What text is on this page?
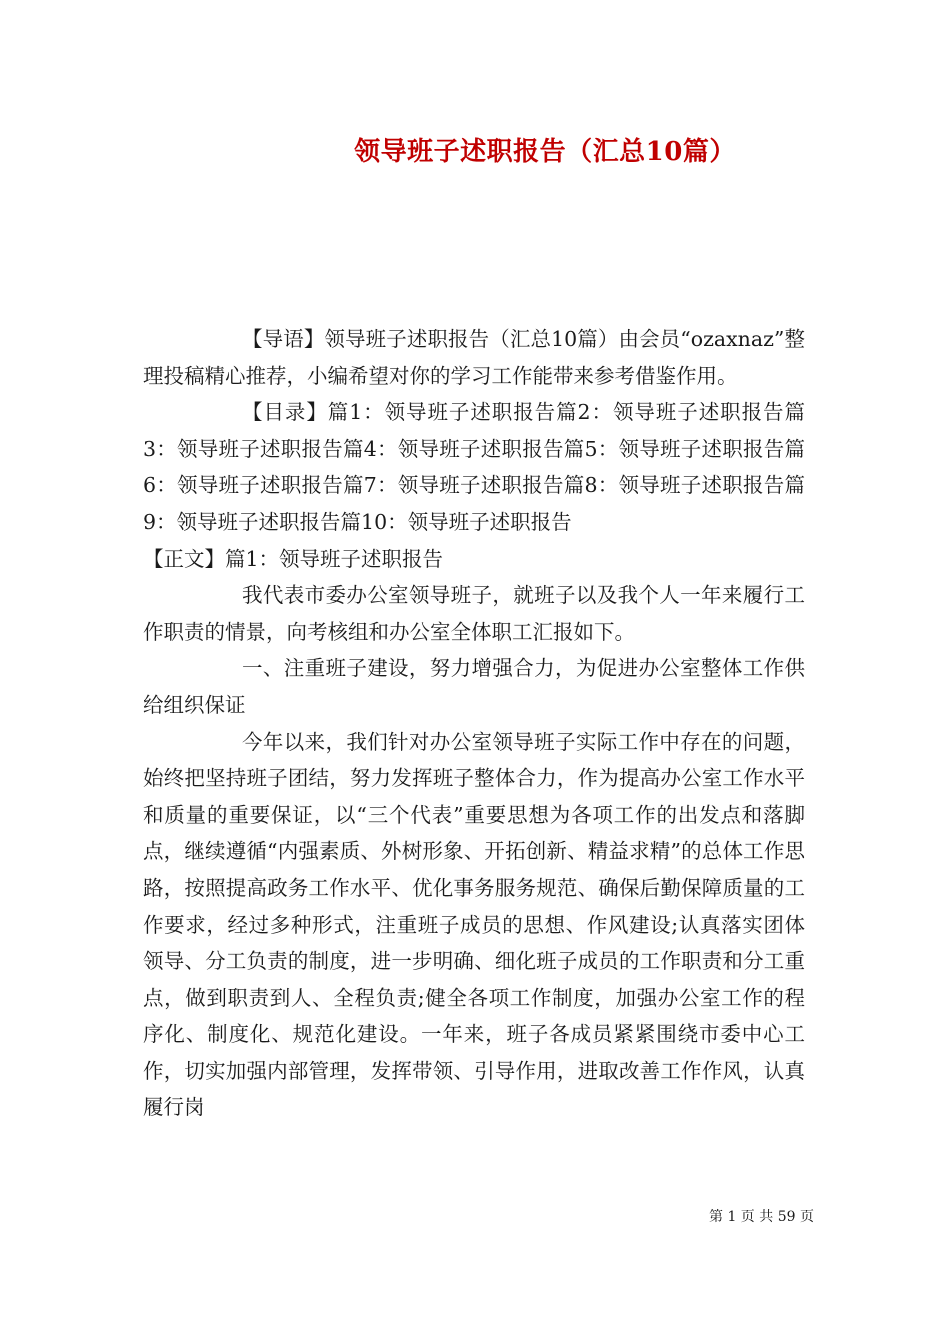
领导班子述职报告（汇总10篇）

【导语】领导班子述职报告（汇总10篇）由会员“ozaxnaz”整理投稿精心推荐，小编希望对你的学习工作能带来参考借鉴作用。

【目录】篇1：领导班子述职报告篇2：领导班子述职报告篇3：领导班子述职报告篇4：领导班子述职报告篇5：领导班子述职报告篇6：领导班子述职报告篇7：领导班子述职报告篇8：领导班子述职报告篇9：领导班子述职报告篇10：领导班子述职报告

【正文】篇1：领导班子述职报告

我代表市委办公室领导班子，就班子以及我个人一年来履行工作职责的情景，向考核组和办公室全体职工汇报如下。

一、注重班子建设，努力增强合力，为促进办公室整体工作供给组织保证

今年以来，我们针对办公室领导班子实际工作中存在的问题，始终把坚持班子团结，努力发挥班子整体合力，作为提高办公室工作水平和质量的重要保证，以“三个代表”重要思想为各项工作的出发点和落脚点，继续遵循“内强素质、外树形象、开拓创新、精益求精”的总体工作思路，按照提高政务工作水平、优化事务服务规范、确保后勤保障质量的工作要求，经过多种形式，注重班子成员的思想、作风建设;认真落实团体领导、分工负责的制度，进一步明确、细化班子成员的工作职责和分工重点，做到职责到人、全程负责;健全各项工作制度，加强办公室工作的程序化、制度化、规范化建设。一年来，班子各成员紧紧围绕市委中心工作，切实加强内部管理，发挥带领、引导作用，进取改善工作作风，认真履行岗

第 1 页 共 59 页
